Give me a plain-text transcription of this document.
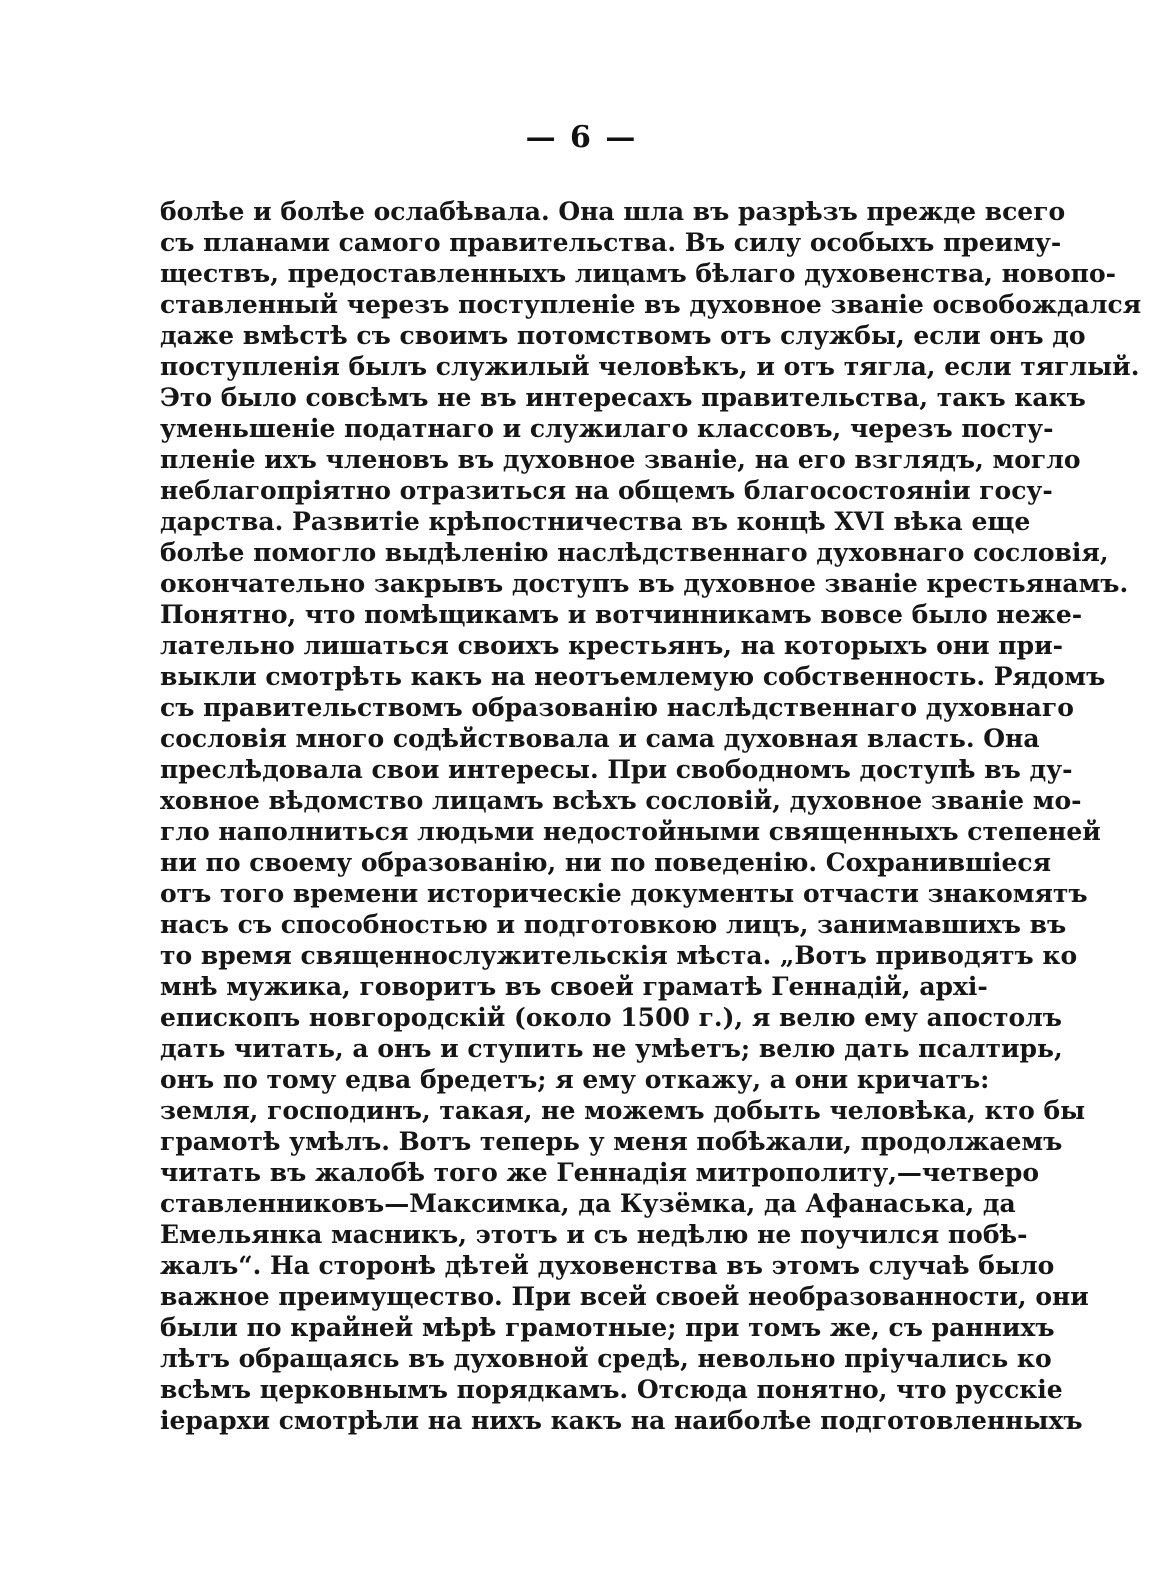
— 6 —
болѣе и болѣе ослабѣвала. Она шла въ разрѣзъ прежде всего
съ планами самого правительства. Въ силу особыхъ преиму-
ществъ, предоставленныхъ лицамъ бѣлаго духовенства, новопо-
ставленный черезъ поступленіе въ духовное званіе освобождался
даже вмѣстѣ съ своимъ потомствомъ отъ службы, если онъ до
поступленія былъ служилый человѣкъ, и отъ тягла, если тяглый.
Это было совсѣмъ не въ интересахъ правительства, такъ какъ
уменьшеніе податнаго и служилаго классовъ, черезъ посту-
пленіе ихъ членовъ въ духовное званіе, на его взглядъ, могло
неблагопріятно отразиться на общемъ благосостояніи госу-
дарства. Развитіе крѣпостничества въ концѣ XVI вѣка еще
болѣе помогло выдѣленію наслѣдственнаго духовнаго сословія,
окончательно закрывъ доступъ въ духовное званіе крестьянамъ.
Понятно, что помѣщикамъ и вотчинникамъ вовсе было неже-
лательно лишаться своихъ крестьянъ, на которыхъ они при-
выкли смотрѣть какъ на неотъемлемую собственность. Рядомъ
съ правительствомъ образованію наслѣдственнаго духовнаго
сословія много содѣйствовала и сама духовная власть. Она
преслѣдовала свои интересы. При свободномъ доступѣ въ ду-
ховное вѣдомство лицамъ всѣхъ сословій, духовное званіе мо-
гло наполниться людьми недостойными священныхъ степеней
ни по своему образованію, ни по поведенію. Сохранившіеся
отъ того времени историческіе документы отчасти знакомятъ
насъ съ способностью и подготовкою лицъ, занимавшихъ въ
то время священнослужительскія мѣста. „Вотъ приводятъ ко
мнѣ мужика, говоритъ въ своей граматѣ Геннадій, архі-
епископъ новгородскій (около 1500 г.), я велю ему апостолъ
дать читать, а онъ и ступить не умѣетъ; велю дать псалтирь,
онъ по тому едва бредетъ; я ему откажу, а они кричатъ:
земля, господинъ, такая, не можемъ добыть человѣка, кто бы
грамотѣ умѣлъ. Вотъ теперь у меня побѣжали, продолжаемъ
читать въ жалобѣ того же Геннадія митрополиту,—четверо
ставленниковъ—Максимка, да Кузёмка, да Афанаська, да
Емельянка масникъ, этотъ и съ недѣлю не поучился побѣ-
жалъ“. На сторонѣ дѣтей духовенства въ этомъ случаѣ было
важное преимущество. При всей своей необразованности, они
были по крайней мѣрѣ грамотные; при томъ же, съ раннихъ
лѣтъ обращаясь въ духовной средѣ, невольно пріучались ко
всѣмъ церковнымъ порядкамъ. Отсюда понятно, что русскіе
іерархи смотрѣли на нихъ какъ на наиболѣе подготовленныхъ
